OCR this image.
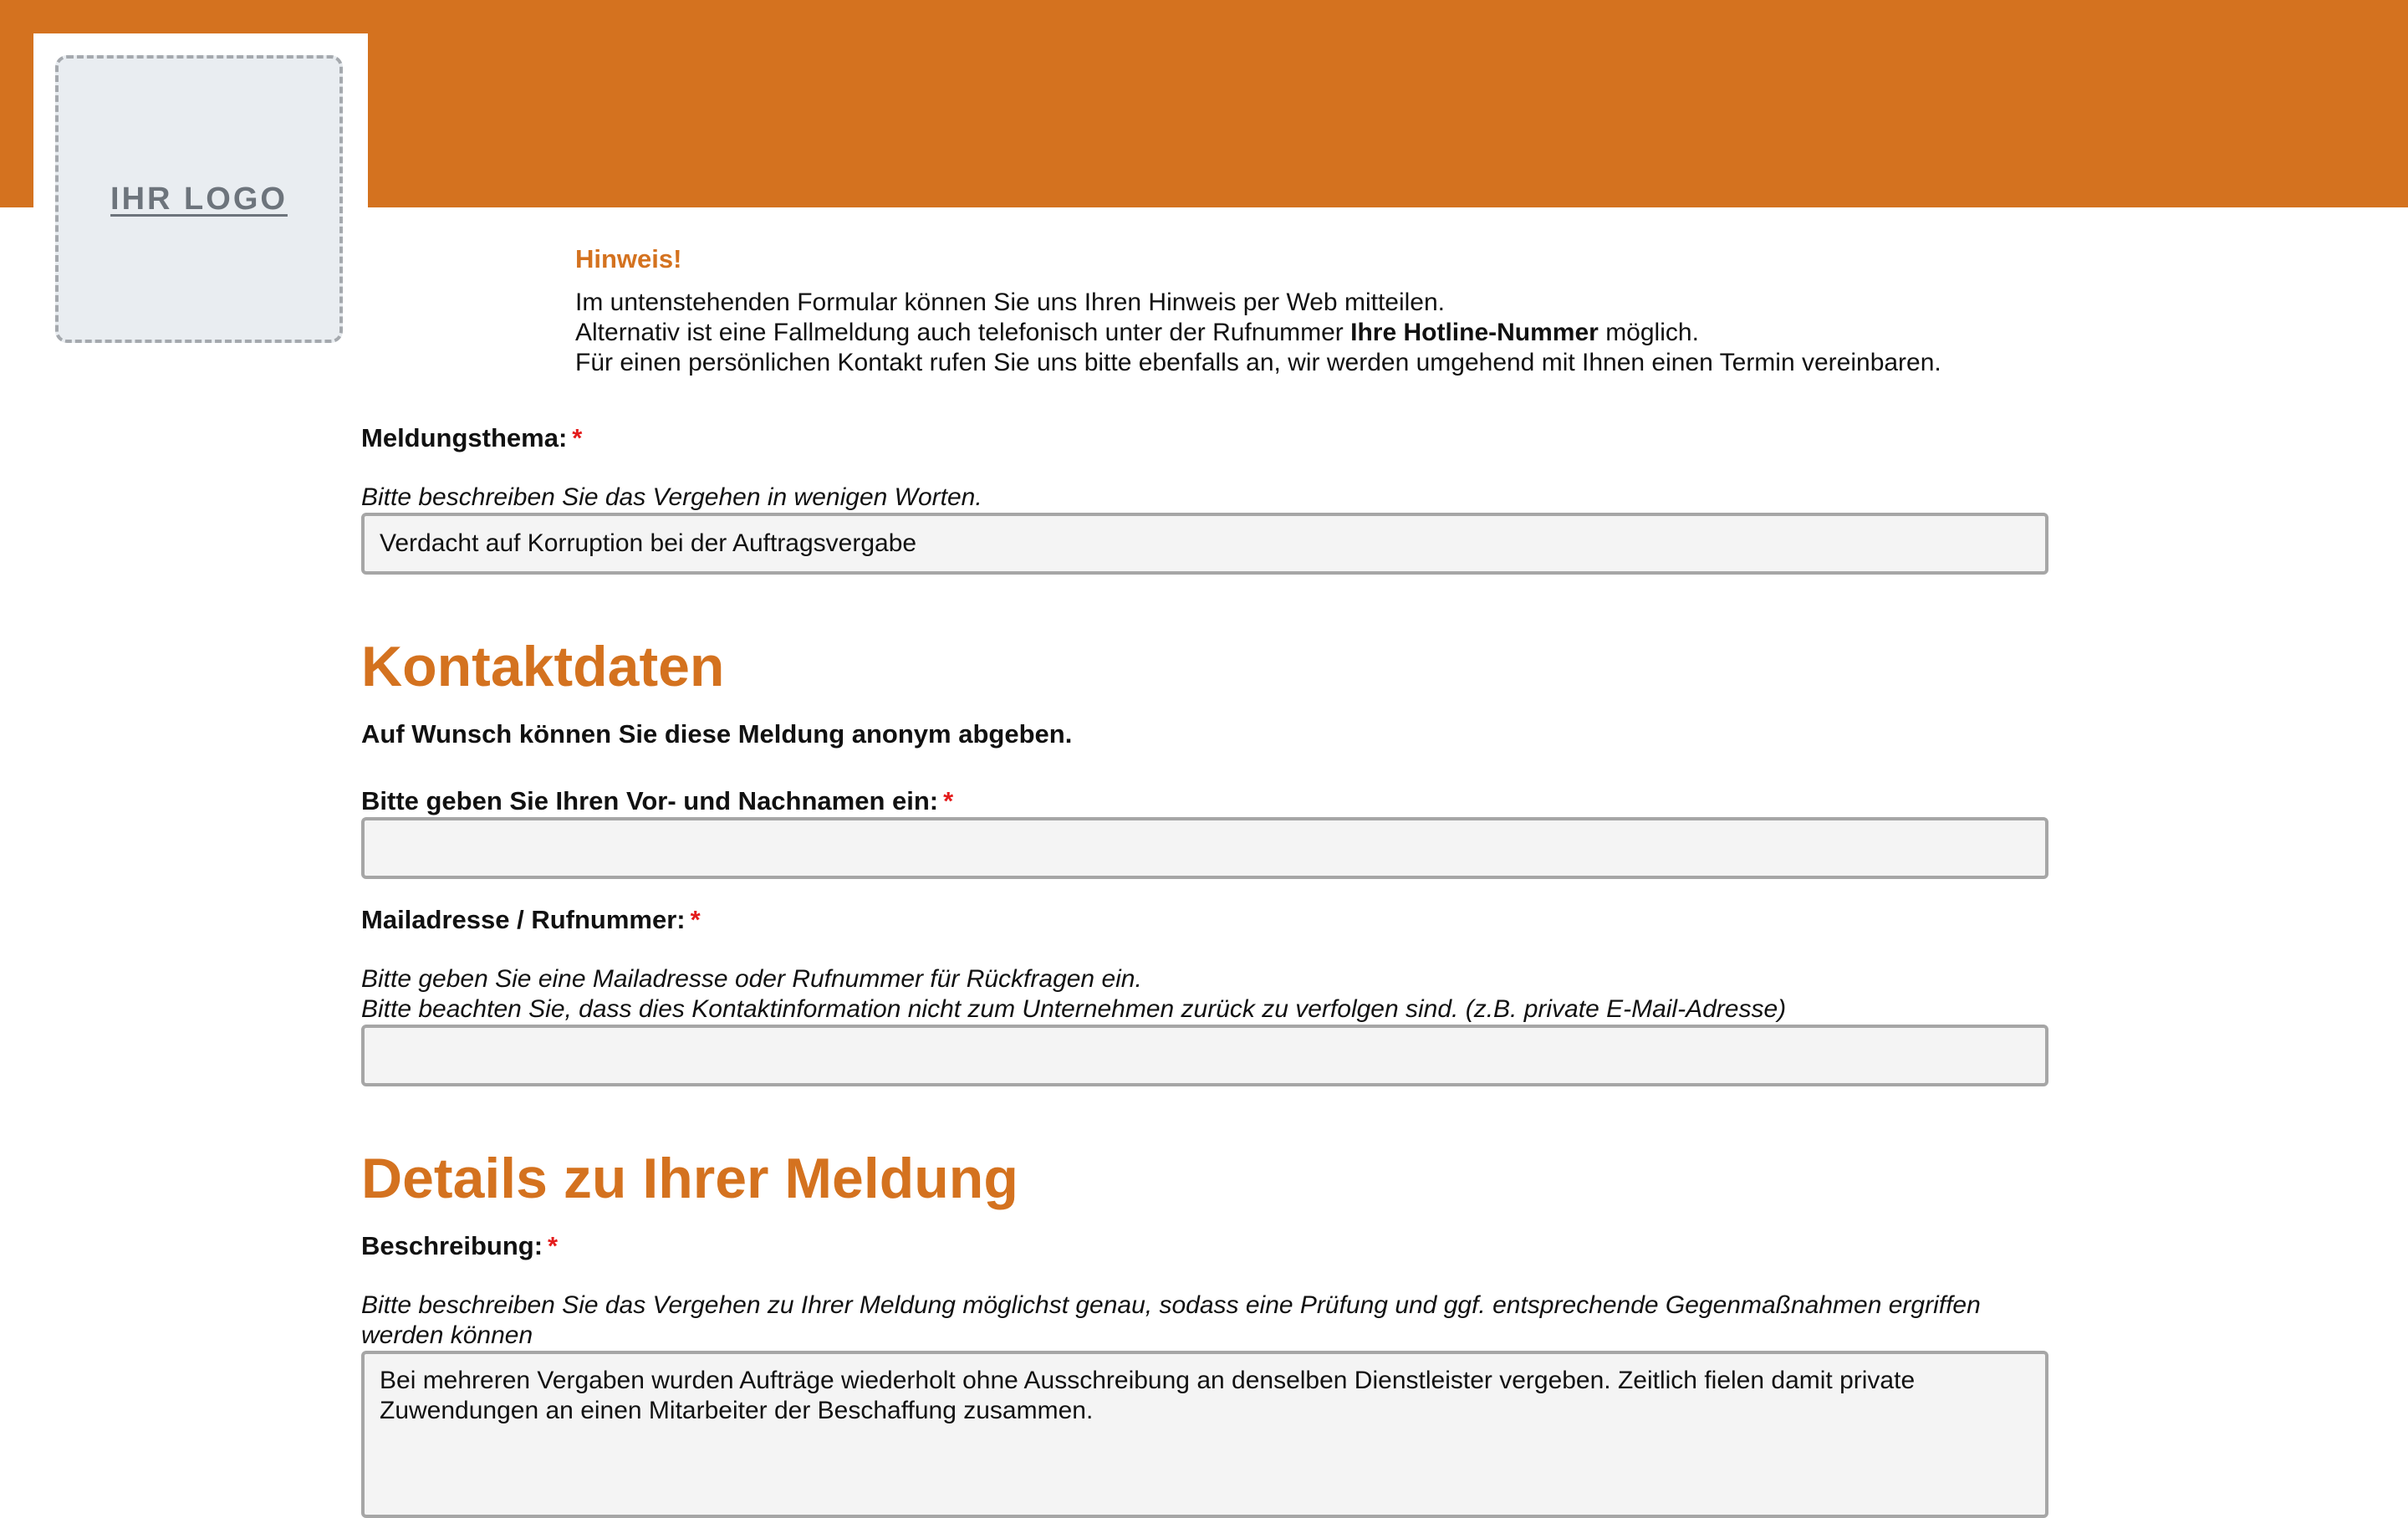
IHR LOGO

Hinweis!

Im untenstehenden Formular können Sie uns Ihren Hinweis per Web mitteilen.

Alternativ ist eine Fallmeldung auch telefonisch unter der Rufnummer Ihre Hotline-Nummer möglich.

Für einen persönlichen Kontakt rufen Sie uns bitte ebenfalls an, wir werden umgehend mit Ihnen einen Termin vereinbaren.

Meldungsthema: *

Bitte beschreiben Sie das Vergehen in wenigen Worten.

Verdacht auf Korruption bei der Auftragsvergabe
Kontaktdaten

Auf Wunsch können Sie diese Meldung anonym abgeben.

Bitte geben Sie Ihren Vor- und Nachnamen ein: *

Mailadresse / Rufnummer: *

Bitte geben Sie eine Mailadresse oder Rufnummer für Rückfragen ein.

Bitte beachten Sie, dass dies Kontaktinformation nicht zum Unternehmen zurück zu verfolgen sind. (z.B. private E-Mail-Adresse)

Details zu Ihrer Meldung

Beschreibung: *

Bitte beschreiben Sie das Vergehen zu Ihrer Meldung möglichst genau, sodass eine Prüfung und ggf. entsprechende Gegenmaßnahmen ergriffen werden können

Bei mehreren Vergaben wurden Aufträge wiederholt ohne Ausschreibung an denselben Dienstleister vergeben. Zeitlich fielen damit private Zuwendungen an einen Mitarbeiter der Beschaffung zusammen.
